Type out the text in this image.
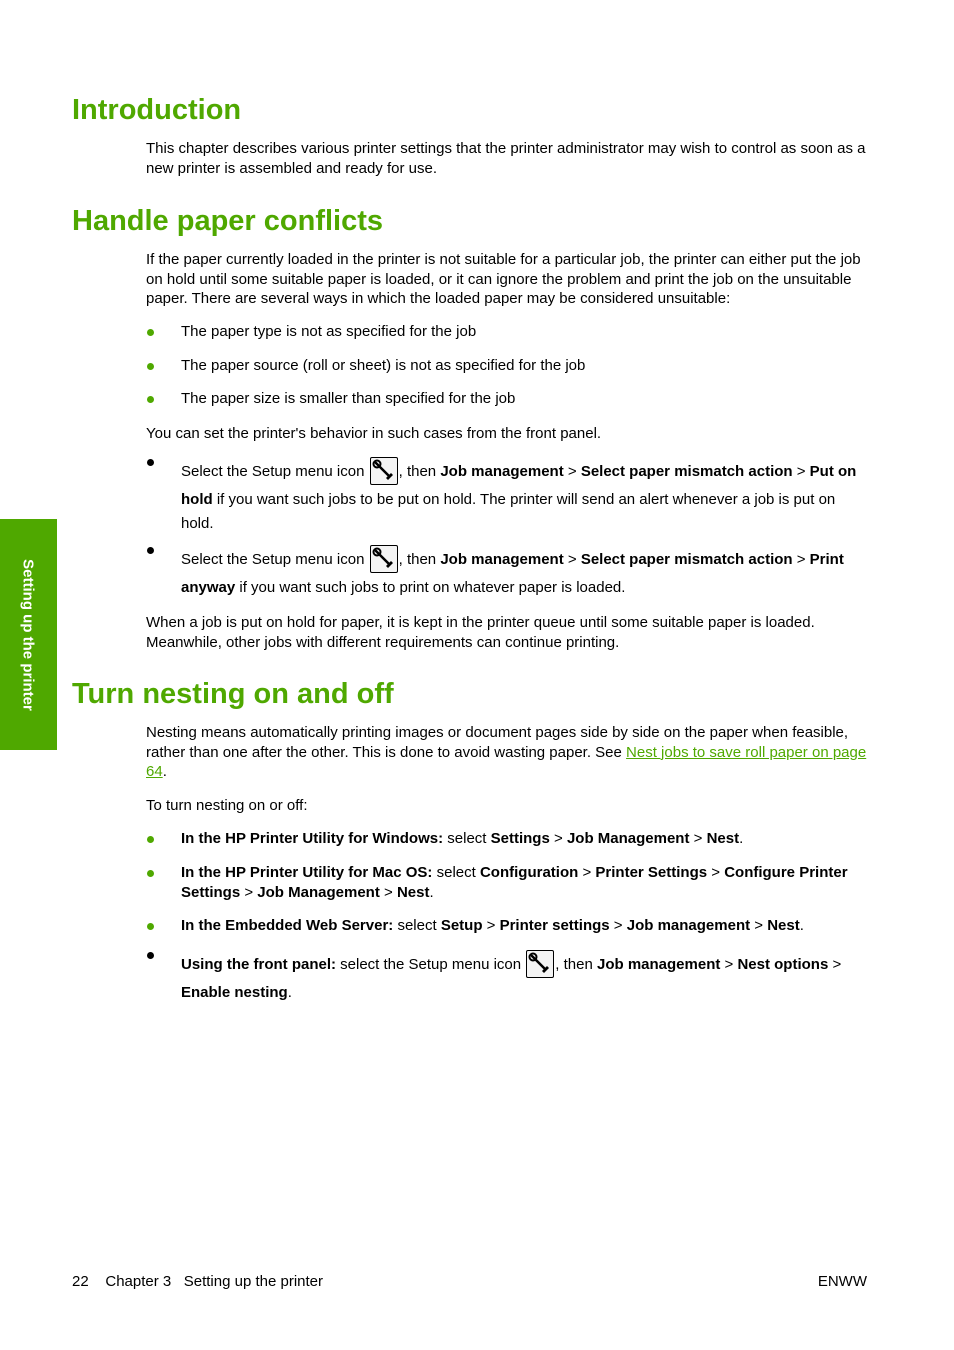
Setting up the printer
Introduction

This chapter describes various printer settings that the printer administrator may wish to control as soon as a new printer is assembled and ready for use.

Handle paper conflicts

If the paper currently loaded in the printer is not suitable for a particular job, the printer can either put the job on hold until some suitable paper is loaded, or it can ignore the problem and print the job on the unsuitable paper. There are several ways in which the loaded paper may be considered unsuitable:

The paper type is not as specified for the job
The paper source (roll or sheet) is not as specified for the job
The paper size is smaller than specified for the job

You can set the printer's behavior in such cases from the front panel.

Select the Setup menu icon
, then Job management > Select paper mismatch action > Put on hold if you want such jobs to be put on hold. The printer will send an alert whenever a job is put on hold.
Select the Setup menu icon
, then Job management > Select paper mismatch action > Print anyway if you want such jobs to print on whatever paper is loaded.

When a job is put on hold for paper, it is kept in the printer queue until some suitable paper is loaded. Meanwhile, other jobs with different requirements can continue printing.

Turn nesting on and off

Nesting means automatically printing images or document pages side by side on the paper when feasible, rather than one after the other. This is done to avoid wasting paper. See Nest jobs to save roll paper on page 64.

To turn nesting on or off:

In the HP Printer Utility for Windows: select Settings > Job Management > Nest.
In the HP Printer Utility for Mac OS: select Configuration > Printer Settings > Configure Printer Settings > Job Management > Nest.
In the Embedded Web Server: select Setup > Printer settings > Job management > Nest.
Using the front panel: select the Setup menu icon
, then Job management > Nest options > Enable nesting.
22 Chapter 3 Setting up the printer	ENWW
